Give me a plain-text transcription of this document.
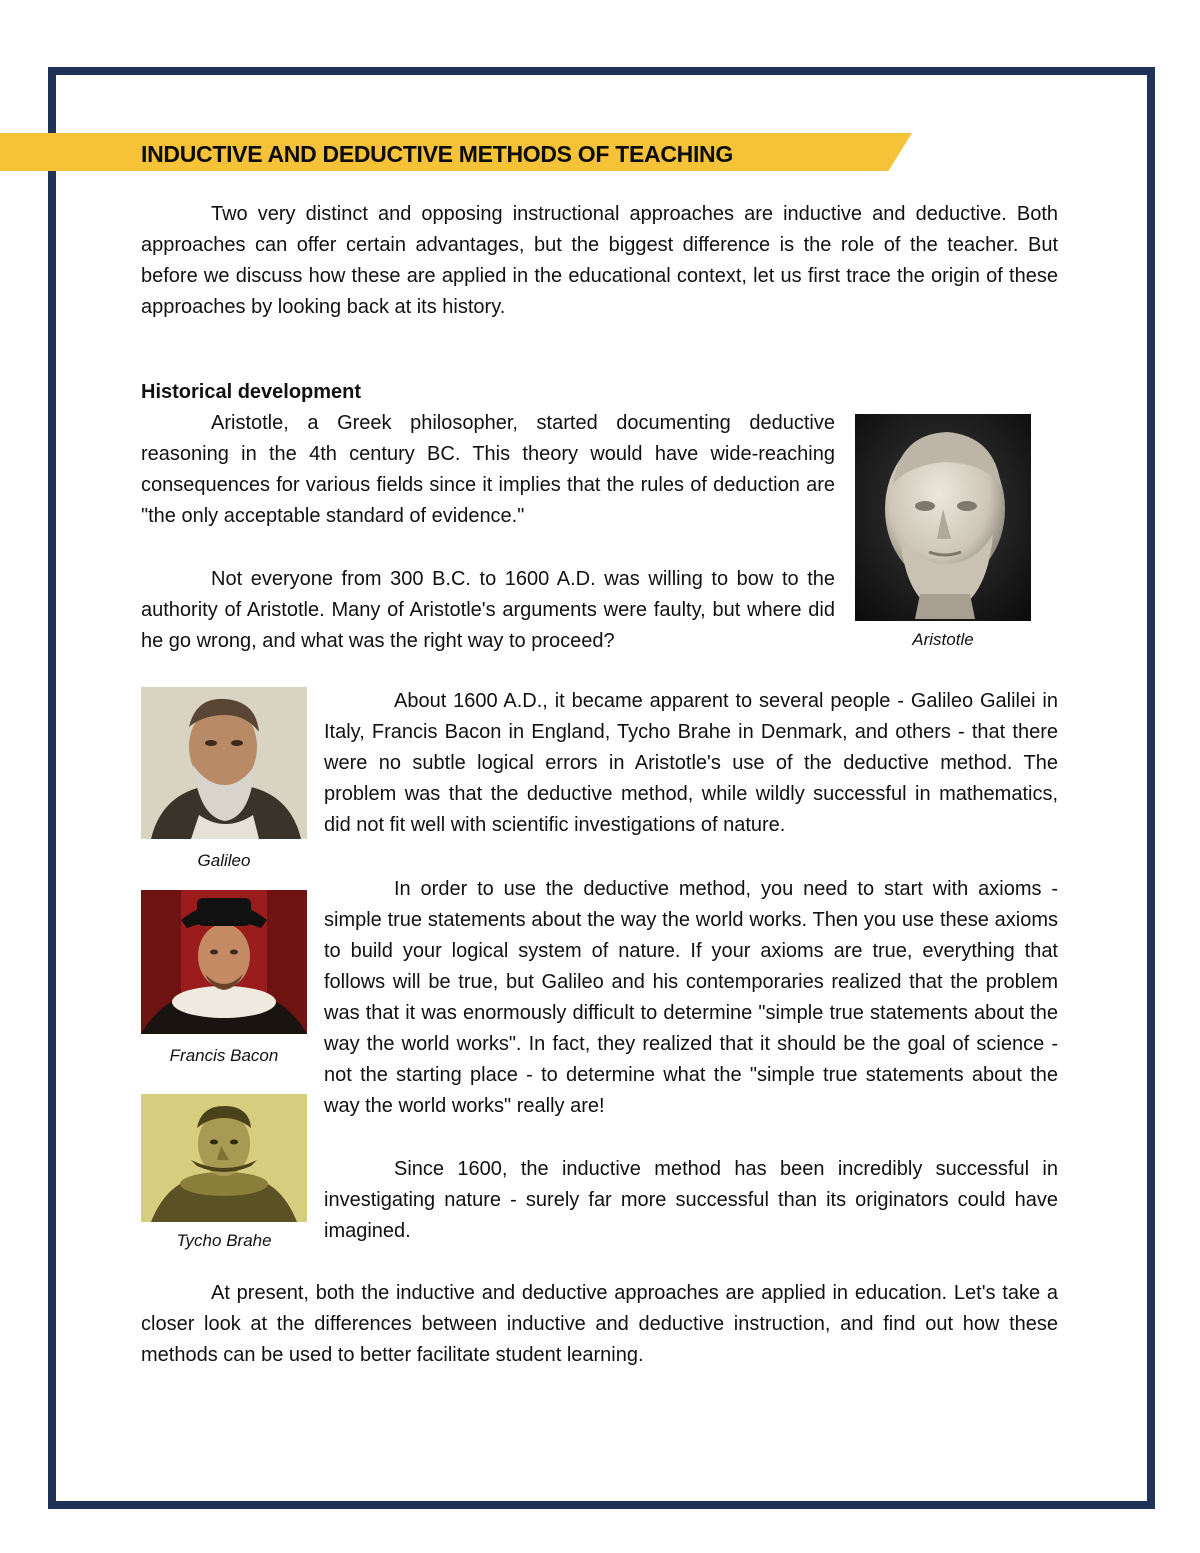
INDUCTIVE AND DEDUCTIVE METHODS OF TEACHING

Two very distinct and opposing instructional approaches are inductive and deductive. Both approaches can offer certain advantages, but the biggest difference is the role of the teacher. But before we discuss how these are applied in the educational context, let us first trace the origin of these approaches by looking back at its history.

Historical development

Aristotle, a Greek philosopher, started documenting deductive reasoning in the 4th century BC. This theory would have wide-reaching consequences for various fields since it implies that the rules of deduction are "the only acceptable standard of evidence."

Not everyone from 300 B.C. to 1600 A.D. was willing to bow to the authority of Aristotle. Many of Aristotle's arguments were faulty, but where did he go wrong, and what was the right way to proceed?

About 1600 A.D., it became apparent to several people - Galileo Galilei in Italy, Francis Bacon in England, Tycho Brahe in Denmark, and others - that there were no subtle logical errors in Aristotle's use of the deductive method. The problem was that the deductive method, while wildly successful in mathematics, did not fit well with scientific investigations of nature.

In order to use the deductive method, you need to start with axioms - simple true statements about the way the world works. Then you use these axioms to build your logical system of nature. If your axioms are true, everything that follows will be true, but Galileo and his contemporaries realized that the problem was that it was enormously difficult to determine "simple true statements about the way the world works". In fact, they realized that it should be the goal of science - not the starting place - to determine what the "simple true statements about the way the world works" really are!

Since 1600, the inductive method has been incredibly successful in investigating nature - surely far more successful than its originators could have imagined.

At present, both the inductive and deductive approaches are applied in education. Let's take a closer look at the differences between inductive and deductive instruction, and find out how these methods can be used to better facilitate student learning.

Aristotle

Galileo

Francis Bacon

Tycho Brahe
